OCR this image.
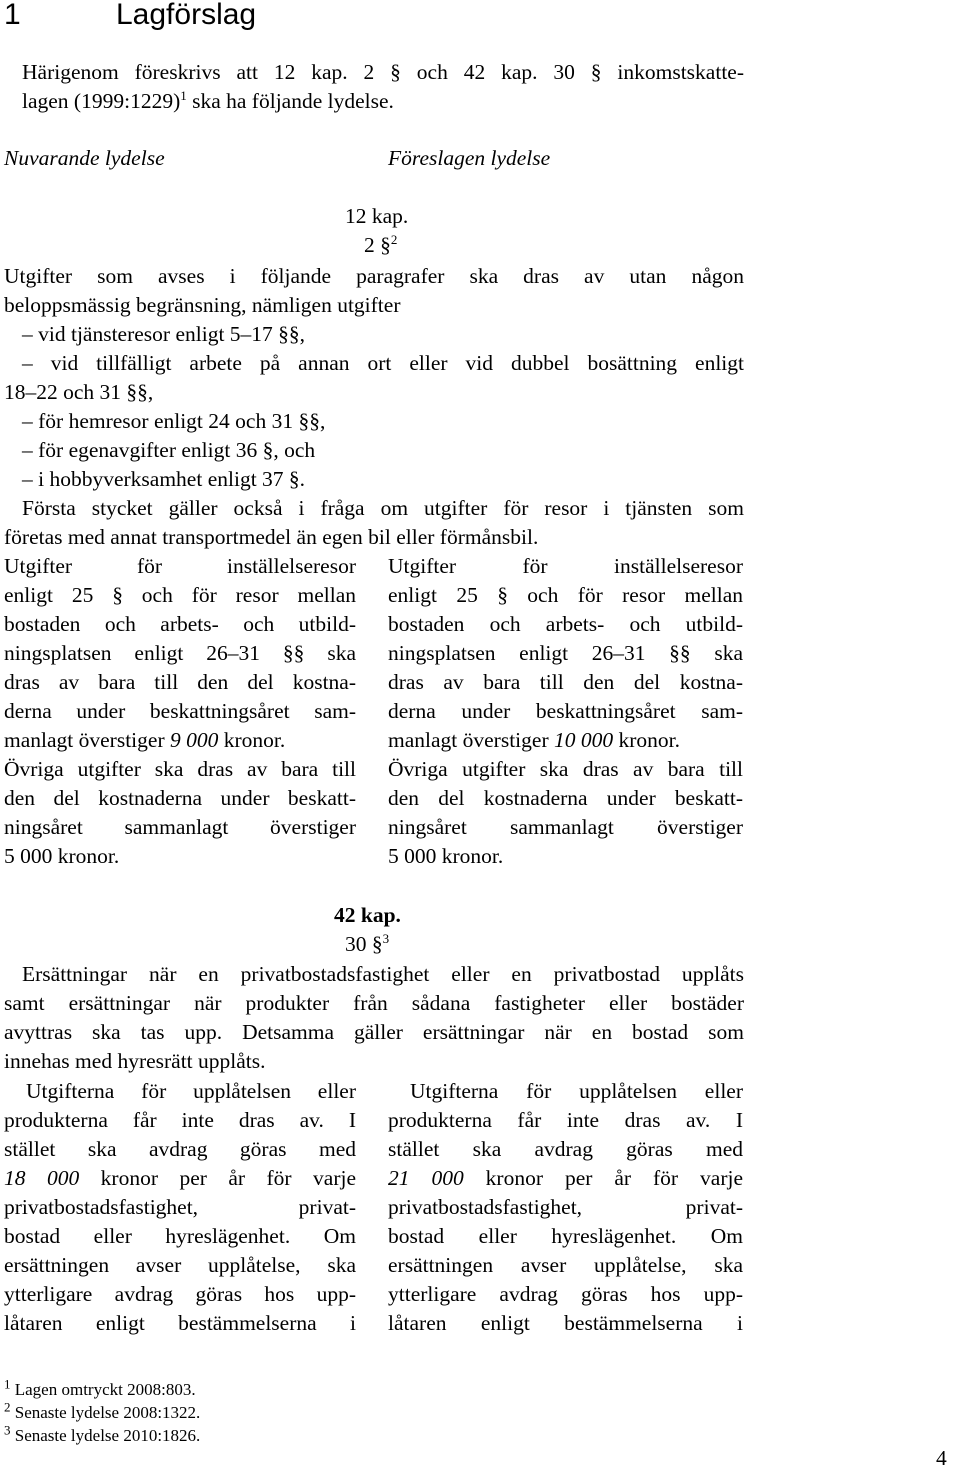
1	Lagförslag
Härigenom föreskrivs att 12 kap. 2 § och 42 kap. 30 § inkomstskatte-
lagen (1999:1229)$^1$ ska ha följande lydelse.
Nuvarande lydelse	Föreslagen lydelse
12 kap.
2 §$^2$
Utgifter som avses i följande paragrafer ska dras av utan någon
beloppsmässig begränsning, nämligen utgifter
– vid tjänsteresor enligt 5–17 §§,
– vid tillfälligt arbete på annan ort eller vid dubbel bosättning enligt
18–22 och 31 §§,
– för hemresor enligt 24 och 31 §§,
– för egenavgifter enligt 36 §, och
– i hobbyverksamhet enligt 37 §.
Första stycket gäller också i fråga om utgifter för resor i tjänsten som
företas med annat transportmedel än egen bil eller förmånsbil.
Utgifter för inställelseresor
enligt 25 § och för resor mellan
bostaden och arbets- och utbild-
ningsplatsen enligt 26–31 §§ ska
dras av bara till den del kostna-
derna under beskattningsåret sam-
manlagt överstiger 9 000 kronor.
Övriga utgifter ska dras av bara till
den del kostnaderna under beskatt-
ningsåret sammanlagt överstiger
5 000 kronor.
Utgifter för inställelseresor
enligt 25 § och för resor mellan
bostaden och arbets- och utbild-
ningsplatsen enligt 26–31 §§ ska
dras av bara till den del kostna-
derna under beskattningsåret sam-
manlagt överstiger 10 000 kronor.
Övriga utgifter ska dras av bara till
den del kostnaderna under beskatt-
ningsåret sammanlagt överstiger
5 000 kronor.
42 kap.
30 §$^3$
Ersättningar när en privatbostadsfastighet eller en privatbostad upplåts
samt ersättningar när produkter från sådana fastigheter eller bostäder
avyttras ska tas upp. Detsamma gäller ersättningar när en bostad som
innehas med hyresrätt upplåts.
Utgifterna för upplåtelsen eller
produkterna får inte dras av. I
stället ska avdrag göras med
18 000 kronor per år för varje
privatbostadsfastighet, privat-
bostad eller hyreslägenhet. Om
ersättningen avser upplåtelse, ska
ytterligare avdrag göras hos upp-
låtaren enligt bestämmelserna i
Utgifterna för upplåtelsen eller
produkterna får inte dras av. I
stället ska avdrag göras med
21 000 kronor per år för varje
privatbostadsfastighet, privat-
bostad eller hyreslägenhet. Om
ersättningen avser upplåtelse, ska
ytterligare avdrag göras hos upp-
låtaren enligt bestämmelserna i
$^1$ Lagen omtryckt 2008:803.
$^2$ Senaste lydelse 2008:1322.
$^3$ Senaste lydelse 2010:1826.
4
